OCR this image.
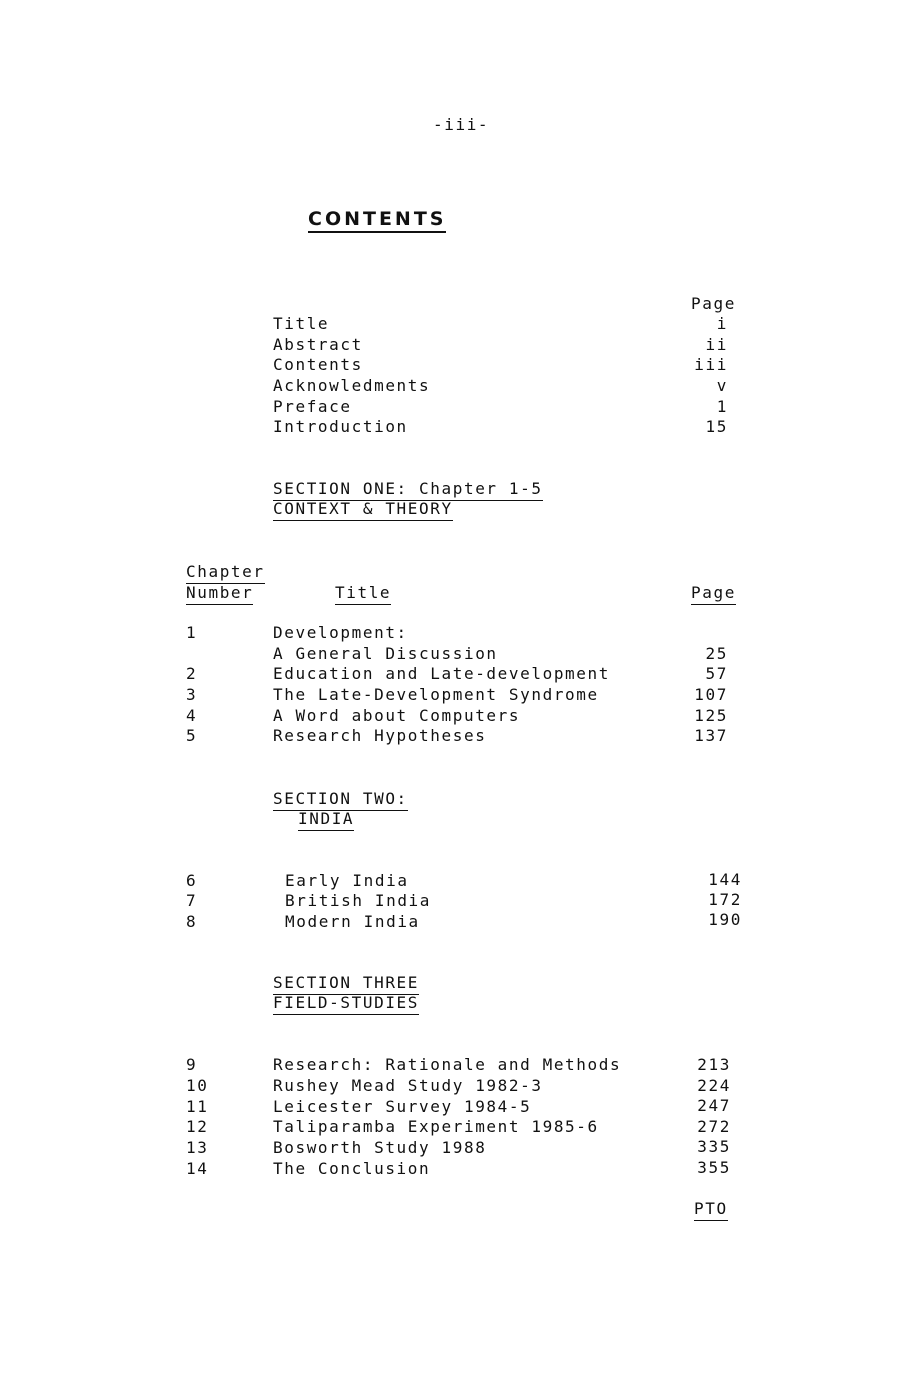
-iii-
CONTENTS
Page
Title	i
Abstract	ii
Contents	iii
Acknowledments	v
Preface	1
Introduction	15
SECTION ONE: Chapter 1-5
CONTEXT & THEORY
Chapter
Number	Title	Page
1	Development:
A General Discussion	25
2	Education and Late-development	57
3	The Late-Development Syndrome	107
4	A Word about Computers	125
5	Research Hypotheses	137
SECTION TWO:
INDIA
6	Early India	144
7	British India	172
8	Modern India	190
SECTION THREE
FIELD-STUDIES
9	Research: Rationale and Methods	213
10	Rushey Mead Study 1982-3	224
11	Leicester Survey 1984-5	247
12	Taliparamba Experiment 1985-6	272
13	Bosworth Study 1988	335
14	The Conclusion	355
PTO
